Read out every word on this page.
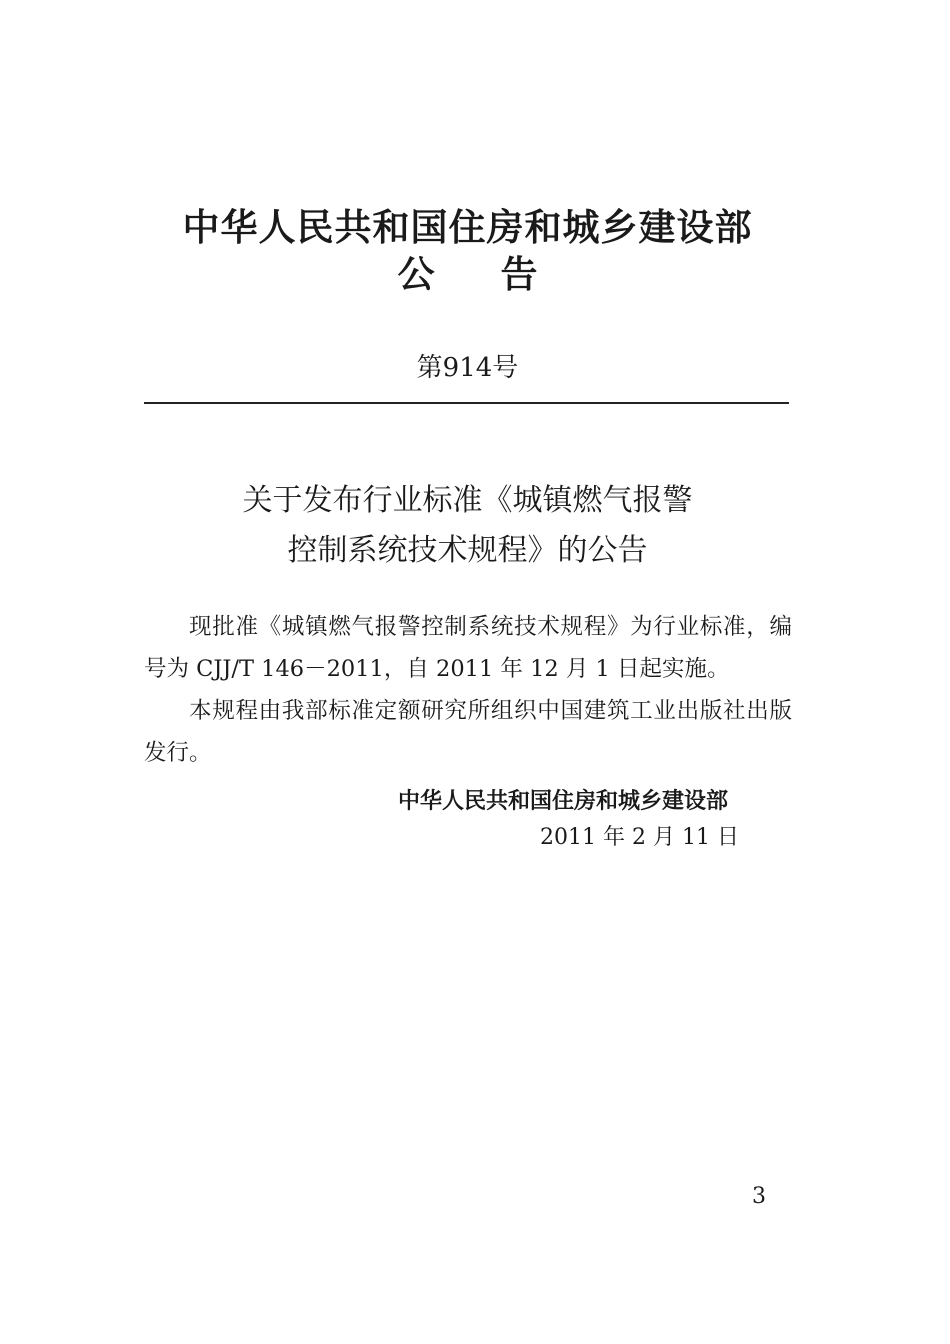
中华人民共和国住房和城乡建设部
公 告
第914号
关于发布行业标准《城镇燃气报警
控制系统技术规程》的公告

现批准《城镇燃气报警控制系统技术规程》为行业标准，编号为 CJJ/T 146－2011，自 2011 年 12 月 1 日起实施。

本规程由我部标准定额研究所组织中国建筑工业出版社出版发行。

中华人民共和国住房和城乡建设部
2011 年 2 月 11 日
3
